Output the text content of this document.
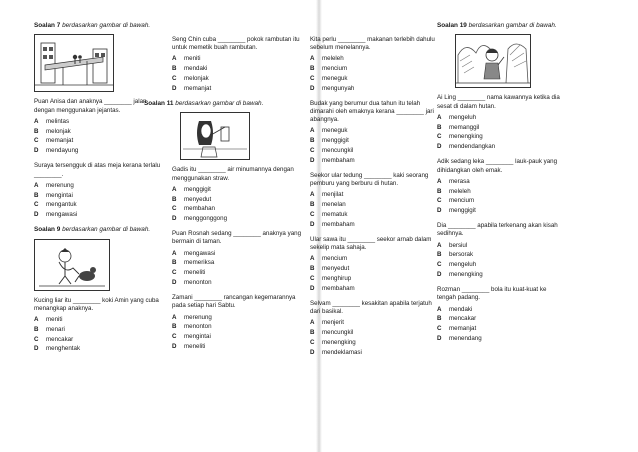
Soalan 7 berdasarkan gambar di bawah.
Puan Anisa dan anaknya ________ jalan dengan menggunakan jejantas.
A	melintas
B	melonjak
C	memanjat
D	mendayung
Suraya tersengguk di atas meja kerana terlalu ________.
A	merenung
B	mengintai
C	mengantuk
D	mengawasi
Soalan 9 berdasarkan gambar di bawah.
Kucing liar itu ________ koki Amin yang cuba menangkap anaknya.
A	meniti
B	menari
C	mencakar
D	menghentak
Seng Chin cuba ________ pokok rambutan itu untuk memetik buah rambutan.
A	meniti
B	mendaki
C	melonjak
D	memanjat
Soalan 11 berdasarkan gambar di bawah.
Gadis itu ________ air minumannya dengan menggunakan straw.
A	menggigit
B	menyedut
C	membahan
D	menggonggong
Puan Rosnah sedang ________ anaknya yang bermain di taman.
A	mengawasi
B	memeriksa
C	meneliti
D	menonton
Zamani ________ rancangan kegemarannya pada setiap hari Sabtu.
A	merenung
B	menonton
C	mengintai
D	meneliti
Kita perlu ________ makanan terlebih dahulu sebelum menelannya.
A	meleleh
B	mencium
C	meneguk
D	mengunyah
Budak yang berumur dua tahun itu telah dimarahi oleh emaknya kerana ________ jari abangnya.
A	meneguk
B	menggigit
C	mencungkil
D	membaham
Seekor ular tedung ________ kaki seorang pemburu yang berburu di hutan.
A	menjilat
B	menelan
C	mematuk
D	membaham
Ular sawa itu ________ seekor arnab dalam sekelip mata sahaja.
A	mencium
B	menyedut
C	menghirup
D	membaham
Selvam ________ kesakitan apabila terjatuh dari basikal.
A	menjerit
B	mencungkil
C	menengking
D	mendeklamasi
Soalan 19 berdasarkan gambar di bawah.
Ai Ling ________ nama kawannya ketika dia sesat di dalam hutan.
A	mengeluh
B	memanggil
C	menengking
D	mendendangkan
Adik sedang leka ________ lauk-pauk yang dihidangkan oleh emak.
A	merasa
B	meleleh
C	mencium
D	menggigit
Dia ________ apabila terkenang akan kisah sedihnya.
A	bersiul
B	bersorak
C	mengeluh
D	menengking
Rozman ________ bola itu kuat-kuat ke tengah padang.
A	mendaki
B	mencakar
C	memanjat
D	menendang
